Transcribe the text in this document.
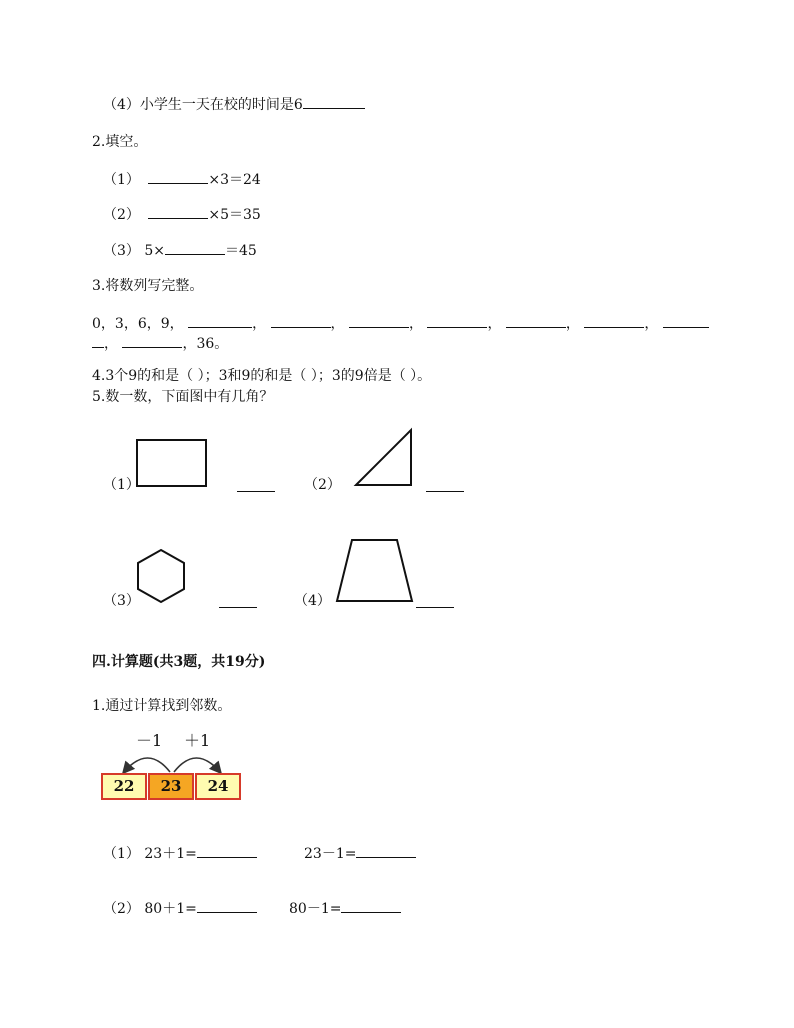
（4）小学生一天在校的时间是6
2.填空。
（1）	×3＝24
（2）	×5＝35
（3） 5×	＝45
3.将数列写完整。
0，3，6，9，	，	，	，	，	，	，
，	，36。
4.3个9的和是（ ）；3和9的和是（ ）；3的9倍是（ ）。
5.数一数，下面图中有几角？
（1）	（2）
（3）	（4）
四.计算题(共3题，共19分)
1.通过计算找到邻数。
－1 ＋1
22	23	24
（1） 23＋1=	23－1=
（2） 80＋1=	80－1=
